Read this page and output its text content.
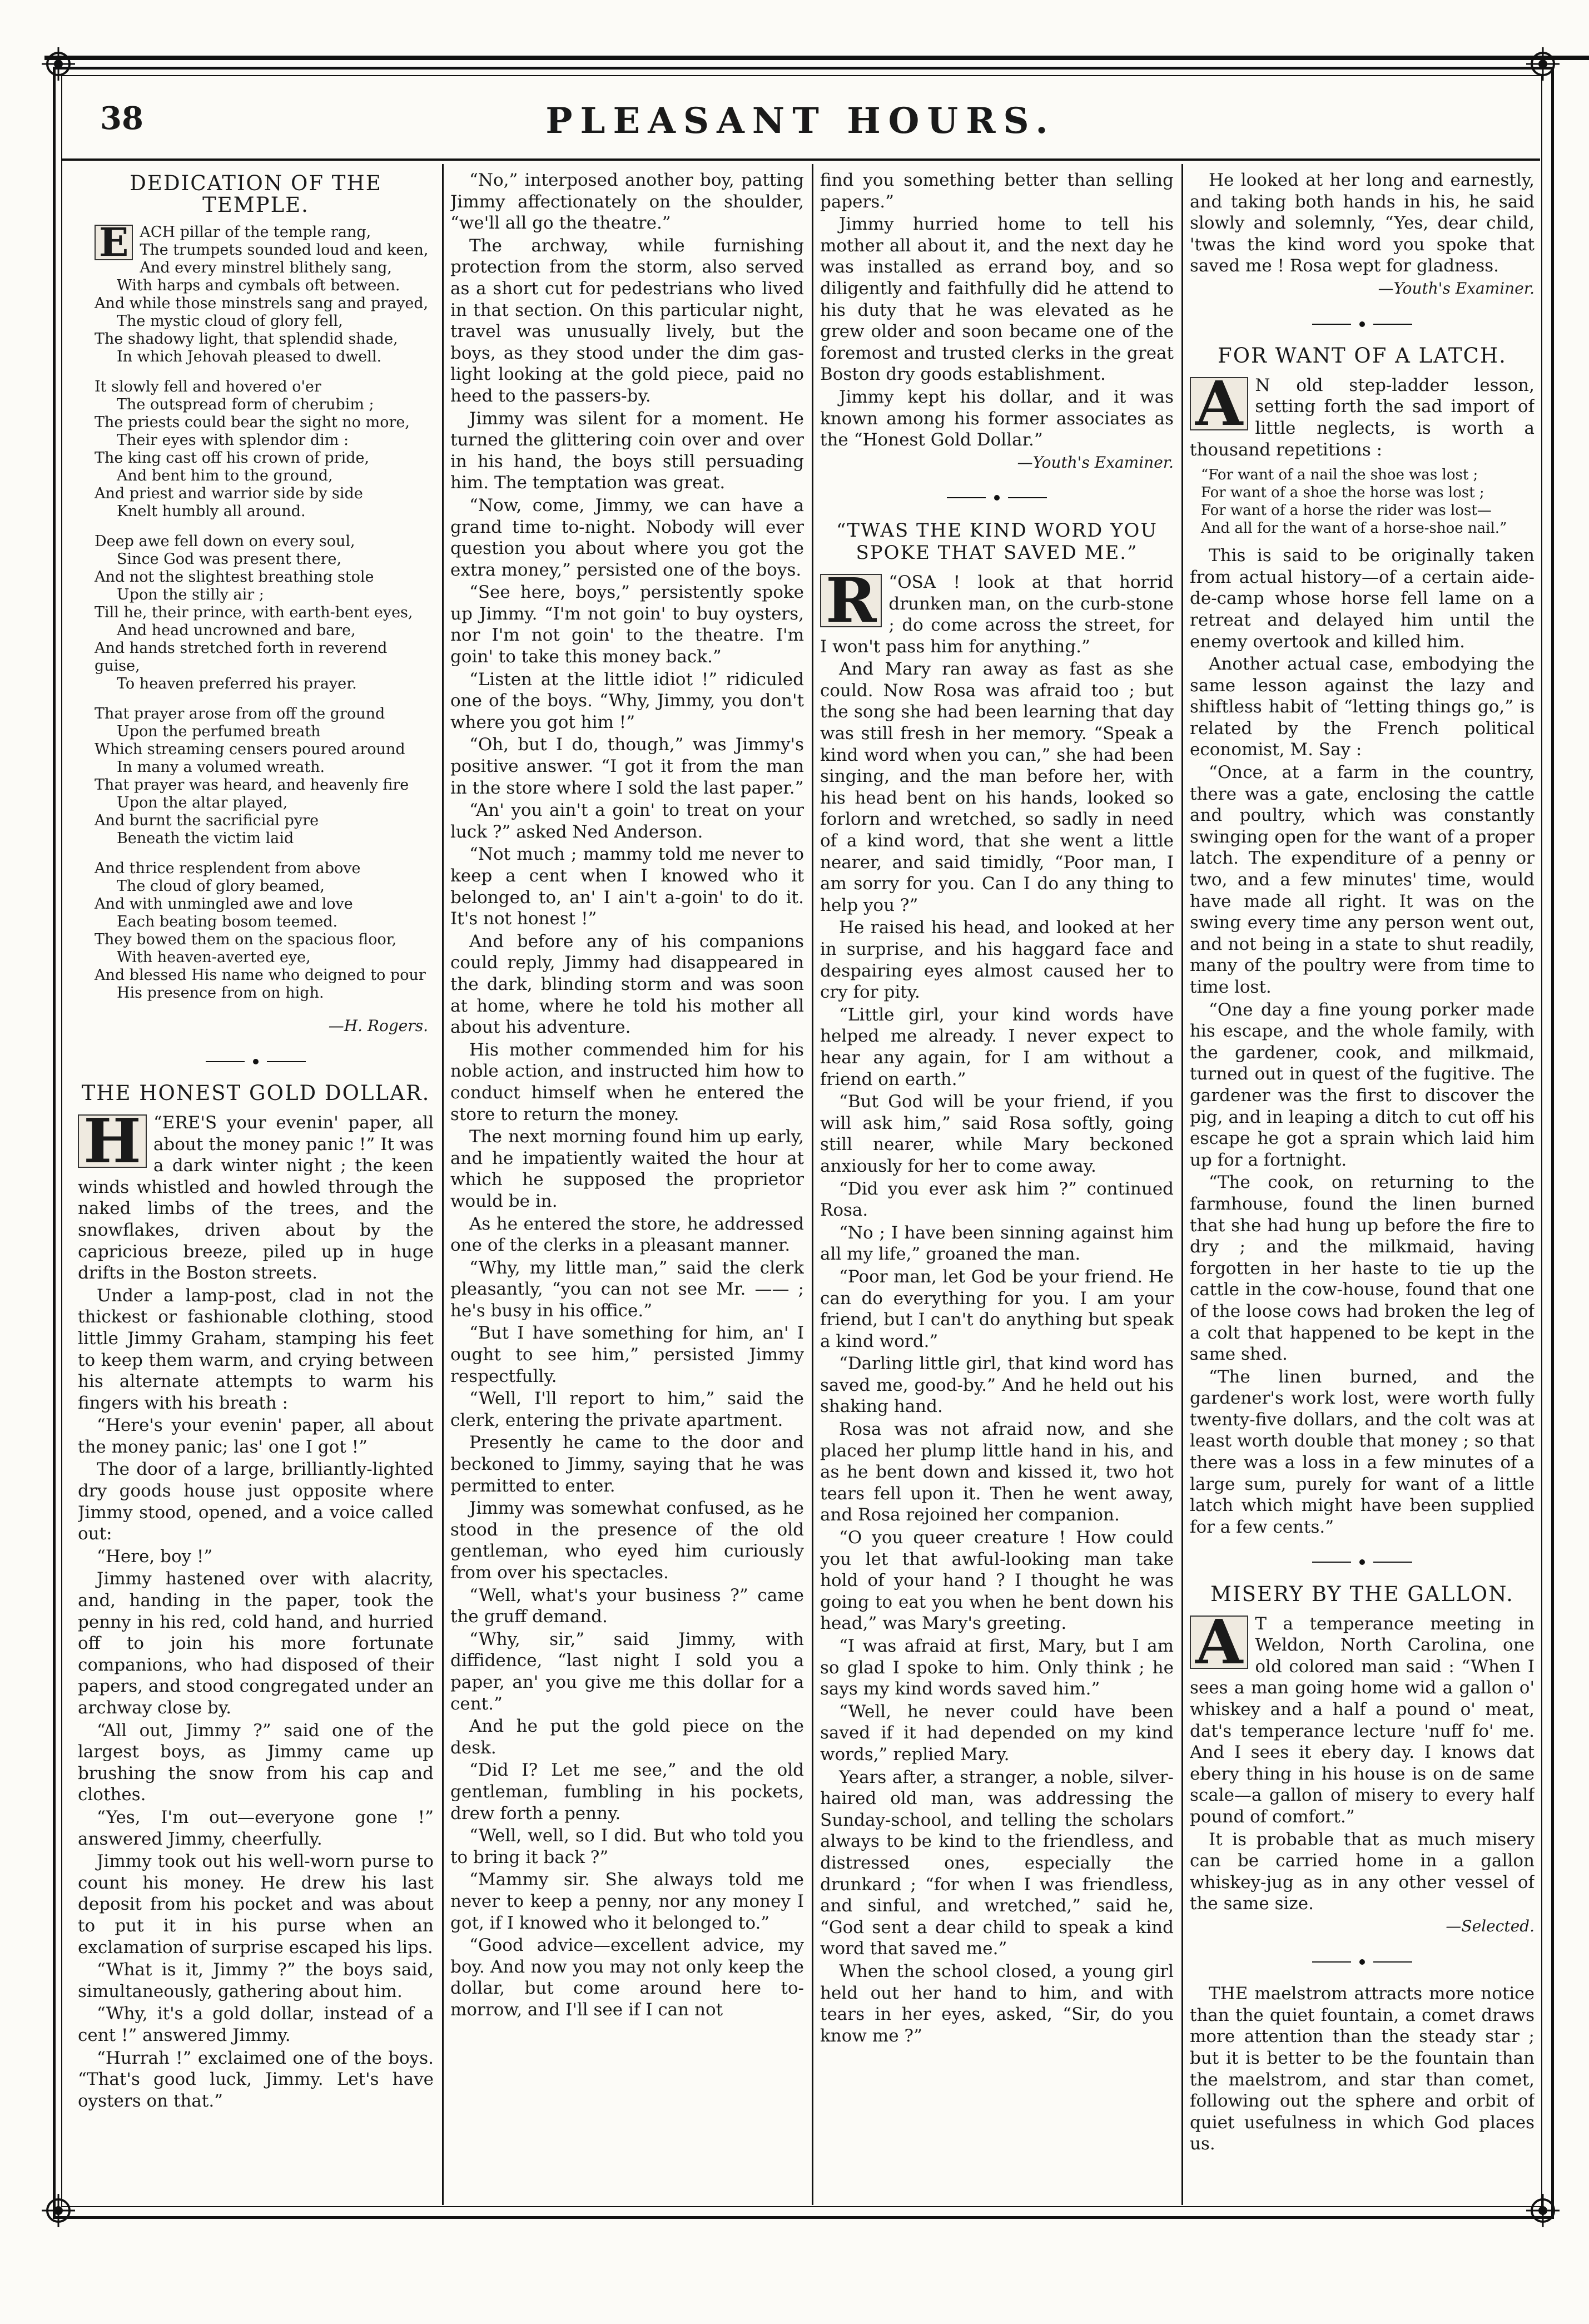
38	PLEASANT HOURS.
DEDICATION OF THE TEMPLE.
E ACH pillar of the temple rang,
The trumpets sounded loud and keen,
And every minstrel blithely sang,
With harps and cymbals oft between.
And while those minstrels sang and prayed,
The mystic cloud of glory fell,
The shadowy light, that splendid shade,
In which Jehovah pleased to dwell.
It slowly fell and hovered o'er
The outspread form of cherubim ;
The priests could bear the sight no more,
Their eyes with splendor dim :
The king cast off his crown of pride,
And bent him to the ground,
And priest and warrior side by side
Knelt humbly all around.
Deep awe fell down on every soul,
Since God was present there,
And not the slightest breathing stole
Upon the stilly air ;
Till he, their prince, with earth-bent eyes,
And head uncrowned and bare,
And hands stretched forth in reverend guise,
To heaven preferred his prayer.
That prayer arose from off the ground
Upon the perfumed breath
Which streaming censers poured around
In many a volumed wreath.
That prayer was heard, and heavenly fire
Upon the altar played,
And burnt the sacrificial pyre
Beneath the victim laid
And thrice resplendent from above
The cloud of glory beamed,
And with unmingled awe and love
Each beating bosom teemed.
They bowed them on the spacious floor,
With heaven-averted eye,
And blessed His name who deigned to pour
His presence from on high.
—H. Rogers.
THE HONEST GOLD DOLLAR.
H “ERE'S your evenin' paper, all about the money panic !” It was a dark winter night ; the keen winds whistled and howled through the naked limbs of the trees, and the snowflakes, driven about by the capricious breeze, piled up in huge drifts in the Boston streets.

Under a lamp-post, clad in not the thickest or fashionable clothing, stood little Jimmy Graham, stamping his feet to keep them warm, and crying between his alternate attempts to warm his fingers with his breath :

“Here's your evenin' paper, all about the money panic; las' one I got !”

The door of a large, brilliantly-lighted dry goods house just opposite where Jimmy stood, opened, and a voice called out:

“Here, boy !”

Jimmy hastened over with alacrity, and, handing in the paper, took the penny in his red, cold hand, and hurried off to join his more fortunate companions, who had disposed of their papers, and stood congregated under an archway close by.

“All out, Jimmy ?” said one of the largest boys, as Jimmy came up brushing the snow from his cap and clothes.

“Yes, I'm out—everyone gone !” answered Jimmy, cheerfully.

Jimmy took out his well-worn purse to count his money. He drew his last deposit from his pocket and was about to put it in his purse when an exclamation of surprise escaped his lips.

“What is it, Jimmy ?” the boys said, simultaneously, gathering about him.

“Why, it's a gold dollar, instead of a cent !” answered Jimmy.

“Hurrah !” exclaimed one of the boys. “That's good luck, Jimmy. Let's have oysters on that.”

“No,” interposed another boy, patting Jimmy affectionately on the shoulder, “we'll all go the theatre.”

The archway, while furnishing protection from the storm, also served as a short cut for pedestrians who lived in that section. On this particular night, travel was unusually lively, but the boys, as they stood under the dim gas-light looking at the gold piece, paid no heed to the passers-by.

Jimmy was silent for a moment. He turned the glittering coin over and over in his hand, the boys still persuading him. The temptation was great.

“Now, come, Jimmy, we can have a grand time to-night. Nobody will ever question you about where you got the extra money,” persisted one of the boys.

“See here, boys,” persistently spoke up Jimmy. “I'm not goin' to buy oysters, nor I'm not goin' to the theatre. I'm goin' to take this money back.”

“Listen at the little idiot !” ridiculed one of the boys. “Why, Jimmy, you don't where you got him !”

“Oh, but I do, though,” was Jimmy's positive answer. “I got it from the man in the store where I sold the last paper.”

“An' you ain't a goin' to treat on your luck ?” asked Ned Anderson.

“Not much ; mammy told me never to keep a cent when I knowed who it belonged to, an' I ain't a-goin' to do it. It's not honest !”

And before any of his companions could reply, Jimmy had disappeared in the dark, blinding storm and was soon at home, where he told his mother all about his adventure.

His mother commended him for his noble action, and instructed him how to conduct himself when he entered the store to return the money.

The next morning found him up early, and he impatiently waited the hour at which he supposed the proprietor would be in.

As he entered the store, he addressed one of the clerks in a pleasant manner.

“Why, my little man,” said the clerk pleasantly, “you can not see Mr. —— ; he's busy in his office.”

“But I have something for him, an' I ought to see him,” persisted Jimmy respectfully.

“Well, I'll report to him,” said the clerk, entering the private apartment.

Presently he came to the door and beckoned to Jimmy, saying that he was permitted to enter.

Jimmy was somewhat confused, as he stood in the presence of the old gentleman, who eyed him curiously from over his spectacles.

“Well, what's your business ?” came the gruff demand.

“Why, sir,” said Jimmy, with diffidence, “last night I sold you a paper, an' you give me this dollar for a cent.”

And he put the gold piece on the desk.

“Did I? Let me see,” and the old gentleman, fumbling in his pockets, drew forth a penny.

“Well, well, so I did. But who told you to bring it back ?”

“Mammy sir. She always told me never to keep a penny, nor any money I got, if I knowed who it belonged to.”

“Good advice—excellent advice, my boy. And now you may not only keep the dollar, but come around here to-morrow, and I'll see if I can not

find you something better than selling papers.”

Jimmy hurried home to tell his mother all about it, and the next day he was installed as errand boy, and so diligently and faithfully did he attend to his duty that he was elevated as he grew older and soon became one of the foremost and trusted clerks in the great Boston dry goods establishment.

Jimmy kept his dollar, and it was known among his former associates as the “Honest Gold Dollar.”

—Youth's Examiner.

“TWAS THE KIND WORD YOU
SPOKE THAT SAVED ME.”
R “OSA ! look at that horrid drunken man, on the curb-stone ; do come across the street, for I won't pass him for anything.”

And Mary ran away as fast as she could. Now Rosa was afraid too ; but the song she had been learning that day was still fresh in her memory. “Speak a kind word when you can,” she had been singing, and the man before her, with his head bent on his hands, looked so forlorn and wretched, so sadly in need of a kind word, that she went a little nearer, and said timidly, “Poor man, I am sorry for you. Can I do any thing to help you ?”

He raised his head, and looked at her in surprise, and his haggard face and despairing eyes almost caused her to cry for pity.

“Little girl, your kind words have helped me already. I never expect to hear any again, for I am without a friend on earth.”

“But God will be your friend, if you will ask him,” said Rosa softly, going still nearer, while Mary beckoned anxiously for her to come away.

“Did you ever ask him ?” continued Rosa.

“No ; I have been sinning against him all my life,” groaned the man.

“Poor man, let God be your friend. He can do everything for you. I am your friend, but I can't do anything but speak a kind word.”

“Darling little girl, that kind word has saved me, good-by.” And he held out his shaking hand.

Rosa was not afraid now, and she placed her plump little hand in his, and as he bent down and kissed it, two hot tears fell upon it. Then he went away, and Rosa rejoined her companion.

“O you queer creature ! How could you let that awful-looking man take hold of your hand ? I thought he was going to eat you when he bent down his head,” was Mary's greeting.

“I was afraid at first, Mary, but I am so glad I spoke to him. Only think ; he says my kind words saved him.”

“Well, he never could have been saved if it had depended on my kind words,” replied Mary.

Years after, a stranger, a noble, silver-haired old man, was addressing the Sunday-school, and telling the scholars always to be kind to the friendless, and distressed ones, especially the drunkard ; “for when I was friendless, and sinful, and wretched,” said he, “God sent a dear child to speak a kind word that saved me.”

When the school closed, a young girl held out her hand to him, and with tears in her eyes, asked, “Sir, do you know me ?”

He looked at her long and earnestly, and taking both hands in his, he said slowly and solemnly, “Yes, dear child, 'twas the kind word you spoke that saved me ! Rosa wept for gladness.

—Youth's Examiner.

FOR WANT OF A LATCH.
A N old step-ladder lesson, setting forth the sad import of little neglects, is worth a thousand repetitions :

“For want of a nail the shoe was lost ;
For want of a shoe the horse was lost ;
For want of a horse the rider was lost—
And all for the want of a horse-shoe nail.”

This is said to be originally taken from actual history—of a certain aide-de-camp whose horse fell lame on a retreat and delayed him until the enemy overtook and killed him.

Another actual case, embodying the same lesson against the lazy and shiftless habit of “letting things go,” is related by the French political economist, M. Say :

“Once, at a farm in the country, there was a gate, enclosing the cattle and poultry, which was constantly swinging open for the want of a proper latch. The expenditure of a penny or two, and a few minutes' time, would have made all right. It was on the swing every time any person went out, and not being in a state to shut readily, many of the poultry were from time to time lost.

“One day a fine young porker made his escape, and the whole family, with the gardener, cook, and milkmaid, turned out in quest of the fugitive. The gardener was the first to discover the pig, and in leaping a ditch to cut off his escape he got a sprain which laid him up for a fortnight.

“The cook, on returning to the farmhouse, found the linen burned that she had hung up before the fire to dry ; and the milkmaid, having forgotten in her haste to tie up the cattle in the cow-house, found that one of the loose cows had broken the leg of a colt that happened to be kept in the same shed.

“The linen burned, and the gardener's work lost, were worth fully twenty-five dollars, and the colt was at least worth double that money ; so that there was a loss in a few minutes of a large sum, purely for want of a little latch which might have been supplied for a few cents.”

MISERY BY THE GALLON.
A T a temperance meeting in Weldon, North Carolina, one old colored man said : “When I sees a man going home wid a gallon o' whiskey and a half a pound o' meat, dat's temperance lecture 'nuff fo' me. And I sees it ebery day. I knows dat ebery thing in his house is on de same scale—a gallon of misery to every half pound of comfort.”

It is probable that as much misery can be carried home in a gallon whiskey-jug as in any other vessel of the same size.

—Selected.

THE maelstrom attracts more notice than the quiet fountain, a comet draws more attention than the steady star ; but it is better to be the fountain than the maelstrom, and star than comet, following out the sphere and orbit of quiet usefulness in which God places us.
